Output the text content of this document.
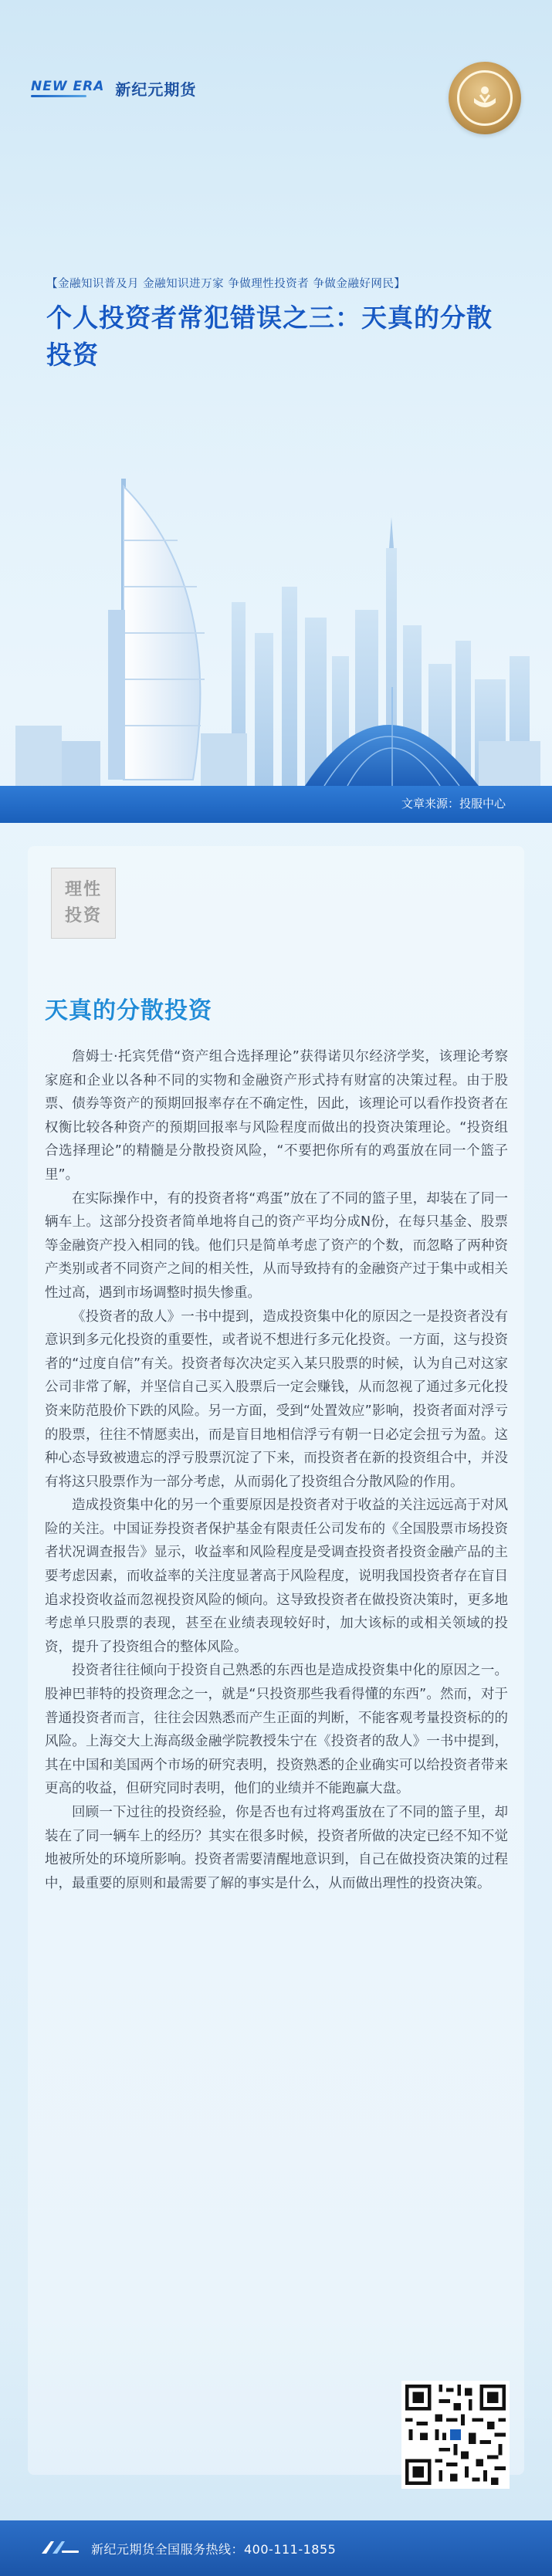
NEW ERA 新纪元期货
【金融知识普及月 金融知识进万家 争做理性投资者 争做金融好网民】
个人投资者常犯错误之三：天真的分散投资
文章来源：投服中心
理性
投资
天真的分散投资

詹姆士·托宾凭借“资产组合选择理论”获得诺贝尔经济学奖，该理论考察家庭和企业以各种不同的实物和金融资产形式持有财富的决策过程。由于股票、债券等资产的预期回报率存在不确定性，因此，该理论可以看作投资者在权衡比较各种资产的预期回报率与风险程度而做出的投资决策理论。“投资组合选择理论”的精髓是分散投资风险，“不要把你所有的鸡蛋放在同一个篮子里”。

在实际操作中，有的投资者将“鸡蛋”放在了不同的篮子里，却装在了同一辆车上。这部分投资者简单地将自己的资产平均分成N份，在每只基金、股票等金融资产投入相同的钱。他们只是简单考虑了资产的个数，而忽略了两种资产类别或者不同资产之间的相关性，从而导致持有的金融资产过于集中或相关性过高，遇到市场调整时损失惨重。

《投资者的敌人》一书中提到，造成投资集中化的原因之一是投资者没有意识到多元化投资的重要性，或者说不想进行多元化投资。一方面，这与投资者的“过度自信”有关。投资者每次决定买入某只股票的时候，认为自己对这家公司非常了解，并坚信自己买入股票后一定会赚钱，从而忽视了通过多元化投资来防范股价下跌的风险。另一方面，受到“处置效应”影响，投资者面对浮亏的股票，往往不情愿卖出，而是盲目地相信浮亏有朝一日必定会扭亏为盈。这种心态导致被遗忘的浮亏股票沉淀了下来，而投资者在新的投资组合中，并没有将这只股票作为一部分考虑，从而弱化了投资组合分散风险的作用。

造成投资集中化的另一个重要原因是投资者对于收益的关注远远高于对风险的关注。中国证券投资者保护基金有限责任公司发布的《全国股票市场投资者状况调查报告》显示，收益率和风险程度是受调查投资者投资金融产品的主要考虑因素，而收益率的关注度显著高于风险程度，说明我国投资者存在盲目追求投资收益而忽视投资风险的倾向。这导致投资者在做投资决策时，更多地考虑单只股票的表现，甚至在业绩表现较好时，加大该标的或相关领域的投资，提升了投资组合的整体风险。

投资者往往倾向于投资自己熟悉的东西也是造成投资集中化的原因之一。股神巴菲特的投资理念之一，就是“只投资那些我看得懂的东西”。然而，对于普通投资者而言，往往会因熟悉而产生正面的判断，不能客观考量投资标的的风险。上海交大上海高级金融学院教授朱宁在《投资者的敌人》一书中提到，其在中国和美国两个市场的研究表明，投资熟悉的企业确实可以给投资者带来更高的收益，但研究同时表明，他们的业绩并不能跑赢大盘。

回顾一下过往的投资经验，你是否也有过将鸡蛋放在了不同的篮子里，却装在了同一辆车上的经历？其实在很多时候，投资者所做的决定已经不知不觉地被所处的环境所影响。投资者需要清醒地意识到，自己在做投资决策的过程中，最重要的原则和最需要了解的事实是什么，从而做出理性的投资决策。

新纪元期货全国服务热线：400-111-1855
